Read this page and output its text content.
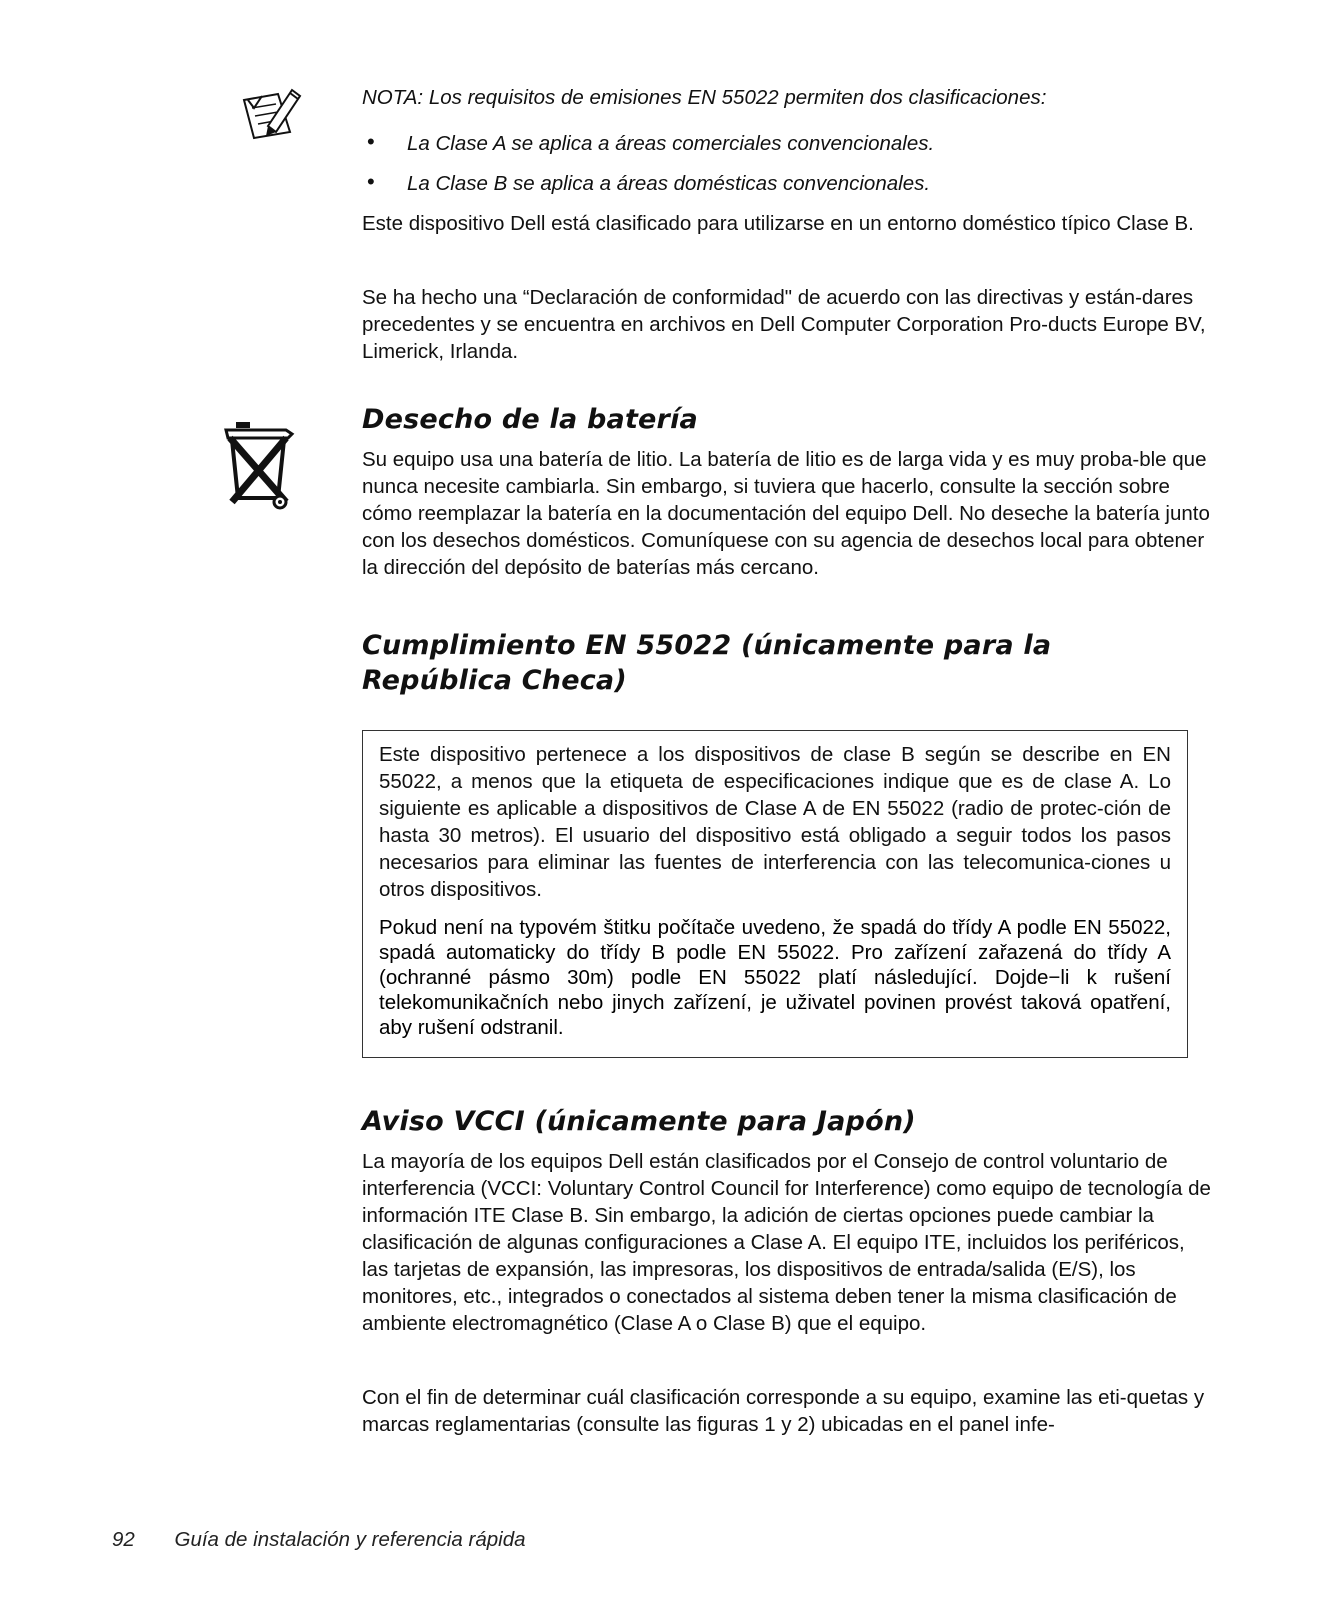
NOTA: Los requisitos de emisiones EN 55022 permiten dos clasificaciones:

• La Clase A se aplica a áreas comerciales convencionales.
• La Clase B se aplica a áreas domésticas convencionales.

Este dispositivo Dell está clasificado para utilizarse en un entorno doméstico típico Clase B.

Se ha hecho una “Declaración de conformidad" de acuerdo con las directivas y están-dares precedentes y se encuentra en archivos en Dell Computer Corporation Pro-ducts Europe BV, Limerick, Irlanda.

Desecho de la batería

Su equipo usa una batería de litio. La batería de litio es de larga vida y es muy proba-ble que nunca necesite cambiarla. Sin embargo, si tuviera que hacerlo, consulte la sección sobre cómo reemplazar la batería en la documentación del equipo Dell. No deseche la batería junto con los desechos domésticos. Comuníquese con su agencia de desechos local para obtener la dirección del depósito de baterías más cercano.

Cumplimiento EN 55022 (únicamente para la República Checa)

Este dispositivo pertenece a los dispositivos de clase B según se describe en EN 55022, a menos que la etiqueta de especificaciones indique que es de clase A. Lo siguiente es aplicable a dispositivos de Clase A de EN 55022 (radio de protec-ción de hasta 30 metros). El usuario del dispositivo está obligado a seguir todos los pasos necesarios para eliminar las fuentes de interferencia con las telecomunica-ciones u otros dispositivos.

Pokud není na typovém štitku počítače uvedeno, že spadá do třídy A podle EN 55022, spadá automaticky do třídy B podle EN 55022. Pro zařízení zařazená do třídy A (ochranné pásmo 30m) podle EN 55022 platí následující. Dojde−li k rušení telekomunikačních nebo jinych zařízení, je uživatel povinen provést taková opatření, aby rušení odstranil.

Aviso VCCI (únicamente para Japón)

La mayoría de los equipos Dell están clasificados por el Consejo de control voluntario de interferencia (VCCI: Voluntary Control Council for Interference) como equipo de tecnología de información ITE Clase B. Sin embargo, la adición de ciertas opciones puede cambiar la clasificación de algunas configuraciones a Clase A. El equipo ITE, incluidos los periféricos, las tarjetas de expansión, las impresoras, los dispositivos de entrada/salida (E/S), los monitores, etc., integrados o conectados al sistema deben tener la misma clasificación de ambiente electromagnético (Clase A o Clase B) que el equipo.

Con el fin de determinar cuál clasificación corresponde a su equipo, examine las eti-quetas y marcas reglamentarias (consulte las figuras 1 y 2) ubicadas en el panel infe-

92 Guía de instalación y referencia rápida
